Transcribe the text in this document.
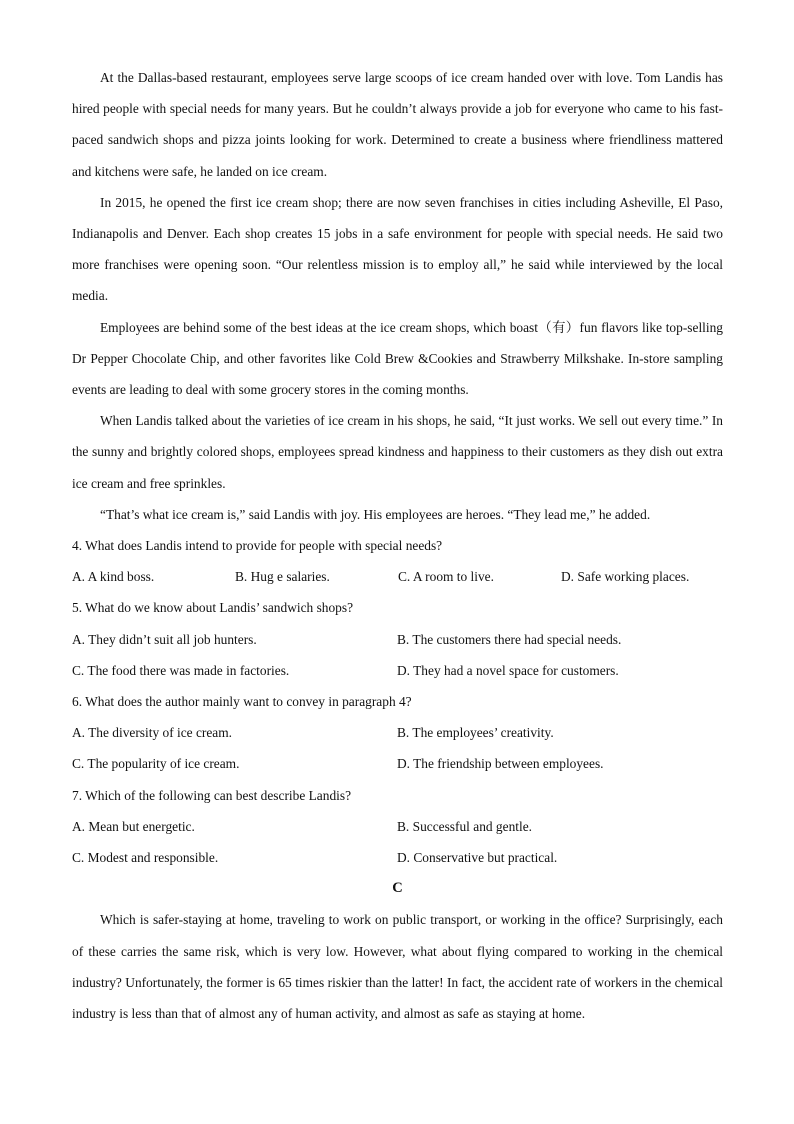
At the Dallas-based restaurant, employees serve large scoops of ice cream handed over with love. Tom Landis has hired people with special needs for many years. But he couldn’t always provide a job for everyone who came to his fast-paced sandwich shops and pizza joints looking for work. Determined to create a business where friendliness mattered and kitchens were safe, he landed on ice cream.

In 2015, he opened the first ice cream shop; there are now seven franchises in cities including Asheville, El Paso, Indianapolis and Denver. Each shop creates 15 jobs in a safe environment for people with special needs. He said two more franchises were opening soon. “Our relentless mission is to employ all,” he said while interviewed by the local media.

Employees are behind some of the best ideas at the ice cream shops, which boast（有）fun flavors like top-selling Dr Pepper Chocolate Chip, and other favorites like Cold Brew &Cookies and Strawberry Milkshake. In-store sampling events are leading to deal with some grocery stores in the coming months.

When Landis talked about the varieties of ice cream in his shops, he said, “It just works. We sell out every time.” In the sunny and brightly colored shops, employees spread kindness and happiness to their customers as they dish out extra ice cream and free sprinkles.

“That’s what ice cream is,” said Landis with joy. His employees are heroes. “They lead me,” he added.

4. What does Landis intend to provide for people with special needs?

A. A kind boss.	B. Hug e salaries.	C. A room to live.	D. Safe working places.

5. What do we know about Landis’ sandwich shops?

A. They didn’t suit all job hunters.	B. The customers there had special needs.
C. The food there was made in factories.	D. They had a novel space for customers.

6. What does the author mainly want to convey in paragraph 4?

A. The diversity of ice cream.	B. The employees’ creativity.
C. The popularity of ice cream.	D. The friendship between employees.

7. Which of the following can best describe Landis?

A. Mean but energetic.	B. Successful and gentle.
C. Modest and responsible.	D. Conservative but practical.

C

Which is safer-staying at home, traveling to work on public transport, or working in the office? Surprisingly, each of these carries the same risk, which is very low. However, what about flying compared to working in the chemical industry? Unfortunately, the former is 65 times riskier than the latter! In fact, the accident rate of workers in the chemical industry is less than that of almost any of human activity, and almost as safe as staying at home.
